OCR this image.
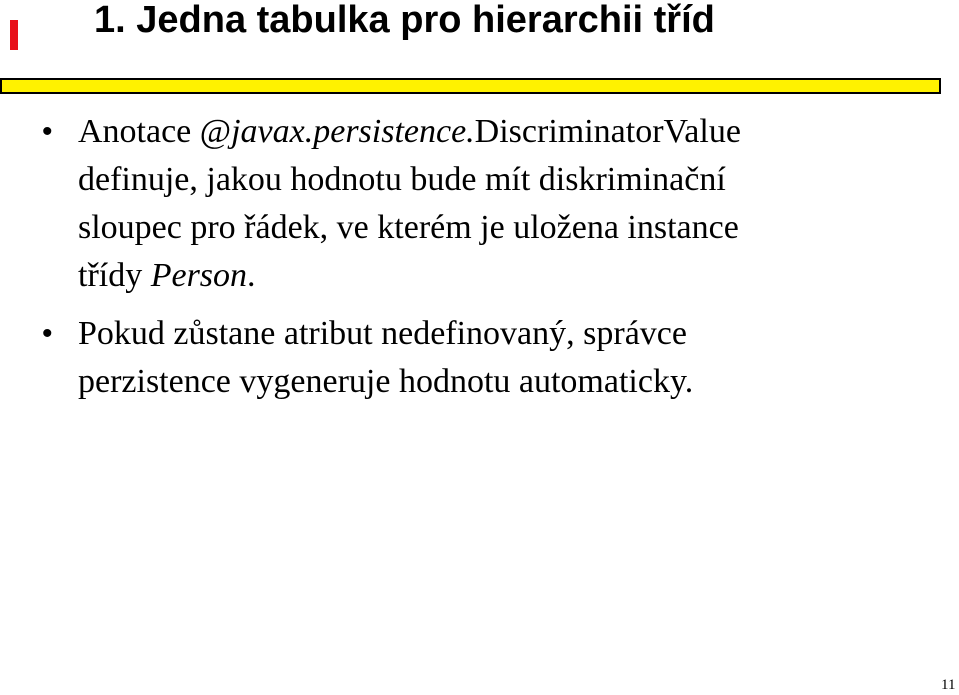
1. Jedna tabulka pro hierarchii tříd
• Anotace @javax.persistence.DiscriminatorValue
definuje, jakou hodnotu bude mít diskriminační
sloupec pro řádek, ve kterém je uložena instance
třídy Person.
• Pokud zůstane atribut nedefinovaný, správce
perzistence vygeneruje hodnotu automaticky.
11
